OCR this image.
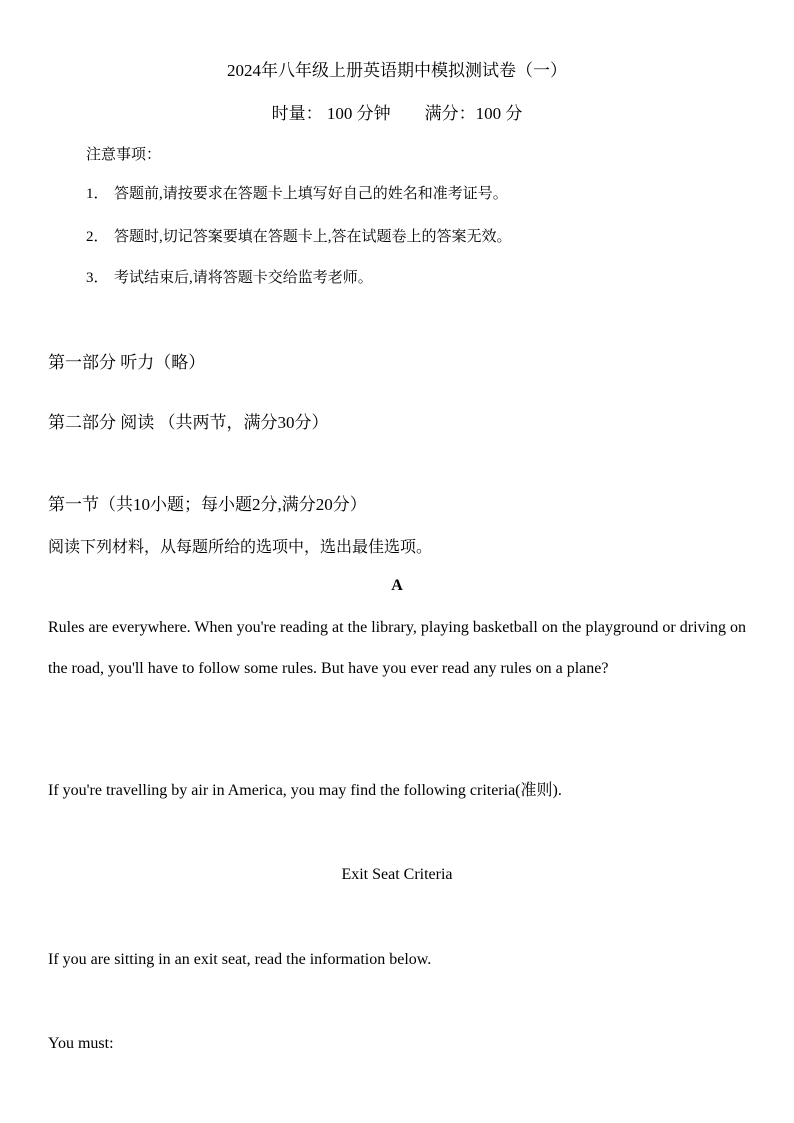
2024年八年级上册英语期中模拟测试卷（一）
时量： 100 分钟 满分：100 分
注意事项：
1． 答题前,请按要求在答题卡上填写好自己的姓名和准考证号。
2． 答题时,切记答案要填在答题卡上,答在试题卷上的答案无效。
3． 考试结束后,请将答题卡交给监考老师。
第一部分 听力（略）
第二部分 阅读 （共两节，满分30分）
第一节（共10小题；每小题2分,满分20分）
阅读下列材料，从每题所给的选项中，选出最佳选项。
A
Rules are everywhere. When you're reading at the library, playing basketball on the playground or driving on the road, you'll have to follow some rules. But have you ever read any rules on a plane?
If you're travelling by air in America, you may find the following criteria(准则).
Exit Seat Criteria
If you are sitting in an exit seat, read the information below.
You must:
